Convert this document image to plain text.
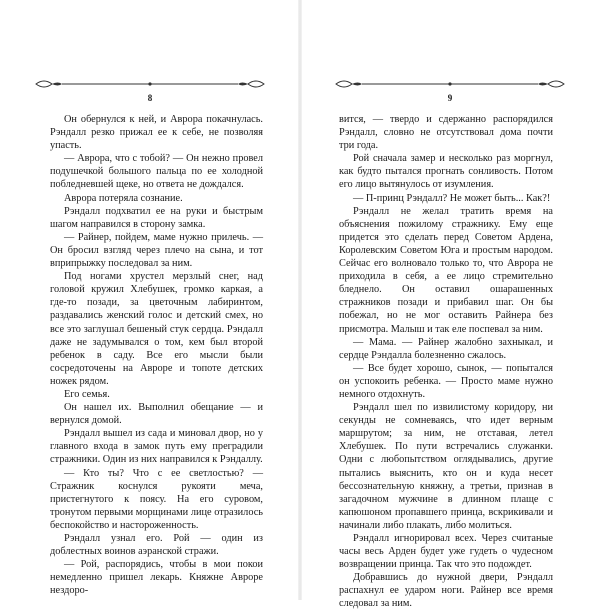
8

Он обернулся к ней, и Аврора покачнулась. Рэндалл резко прижал ее к себе, не позволяя упасть.

— Аврора, что с тобой? — Он нежно провел подушечкой большого пальца по ее холодной побледневшей щеке, но ответа не дождался.

Аврора потеряла сознание.

Рэндалл подхватил ее на руки и быстрым шагом направился в сторону замка.

— Райнер, пойдем, маме нужно прилечь. — Он бросил взгляд через плечо на сына, и тот вприпрыжку последовал за ним.

Под ногами хрустел мерзлый снег, над головой кружил Хлебушек, громко каркая, а где-то позади, за цветочным лабиринтом, раздавались женский голос и детский смех, но все это заглушал бешеный стук сердца. Рэндалл даже не задумывался о том, кем был второй ребенок в саду. Все его мысли были сосредоточены на Авроре и топоте детских ножек рядом.

Его семья.

Он нашел их. Выполнил обещание — и вернулся домой.

Рэндалл вышел из сада и миновал двор, но у главного входа в замок путь ему преградили стражники. Один из них направился к Рэндаллу.

— Кто ты? Что с ее светлостью? — Стражник коснулся рукояти меча, пристегнутого к поясу. На его суровом, тронутом первыми морщинами лице отразилось беспокойство и настороженность.

Рэндалл узнал его. Рой — один из доблестных воинов аэранской стражи.

— Рой, распорядись, чтобы в мои покои немедленно пришел лекарь. Княжне Авроре нездоро-

9

вится, — твердо и сдержанно распорядился Рэндалл, словно не отсутствовал дома почти три года.

Рой сначала замер и несколько раз моргнул, как будто пытался прогнать сонливость. Потом его лицо вытянулось от изумления.

— П-принц Рэндалл? Не может быть... Как?!

Рэндалл не желал тратить время на объяснения пожилому стражнику. Ему еще придется это сделать перед Советом Ардена, Королевским Советом Юга и простым народом. Сейчас его волновало только то, что Аврора не приходила в себя, а ее лицо стремительно бледнело. Он оставил ошарашенных стражников позади и прибавил шаг. Он бы побежал, но не мог оставить Райнера без присмотра. Малыш и так еле поспевал за ним.

— Мама. — Райнер жалобно захныкал, и сердце Рэндалла болезненно сжалось.

— Все будет хорошо, сынок, — попытался он успокоить ребенка. — Просто маме нужно немного отдохнуть.

Рэндалл шел по извилистому коридору, ни секунды не сомневаясь, что идет верным маршрутом; за ним, не отставая, летел Хлебушек. По пути встречались служанки. Одни с любопытством оглядывались, другие пытались выяснить, кто он и куда несет бессознательную княжну, а третьи, признав в загадочном мужчине в длинном плаще с капюшоном пропавшего принца, вскрикивали и начинали либо плакать, либо молиться.

Рэндалл игнорировал всех. Через считаные часы весь Арден будет уже гудеть о чудесном возвращении принца. Так что это подождет.

Добравшись до нужной двери, Рэндалл распахнул ее ударом ноги. Райнер все время следовал за ним.
